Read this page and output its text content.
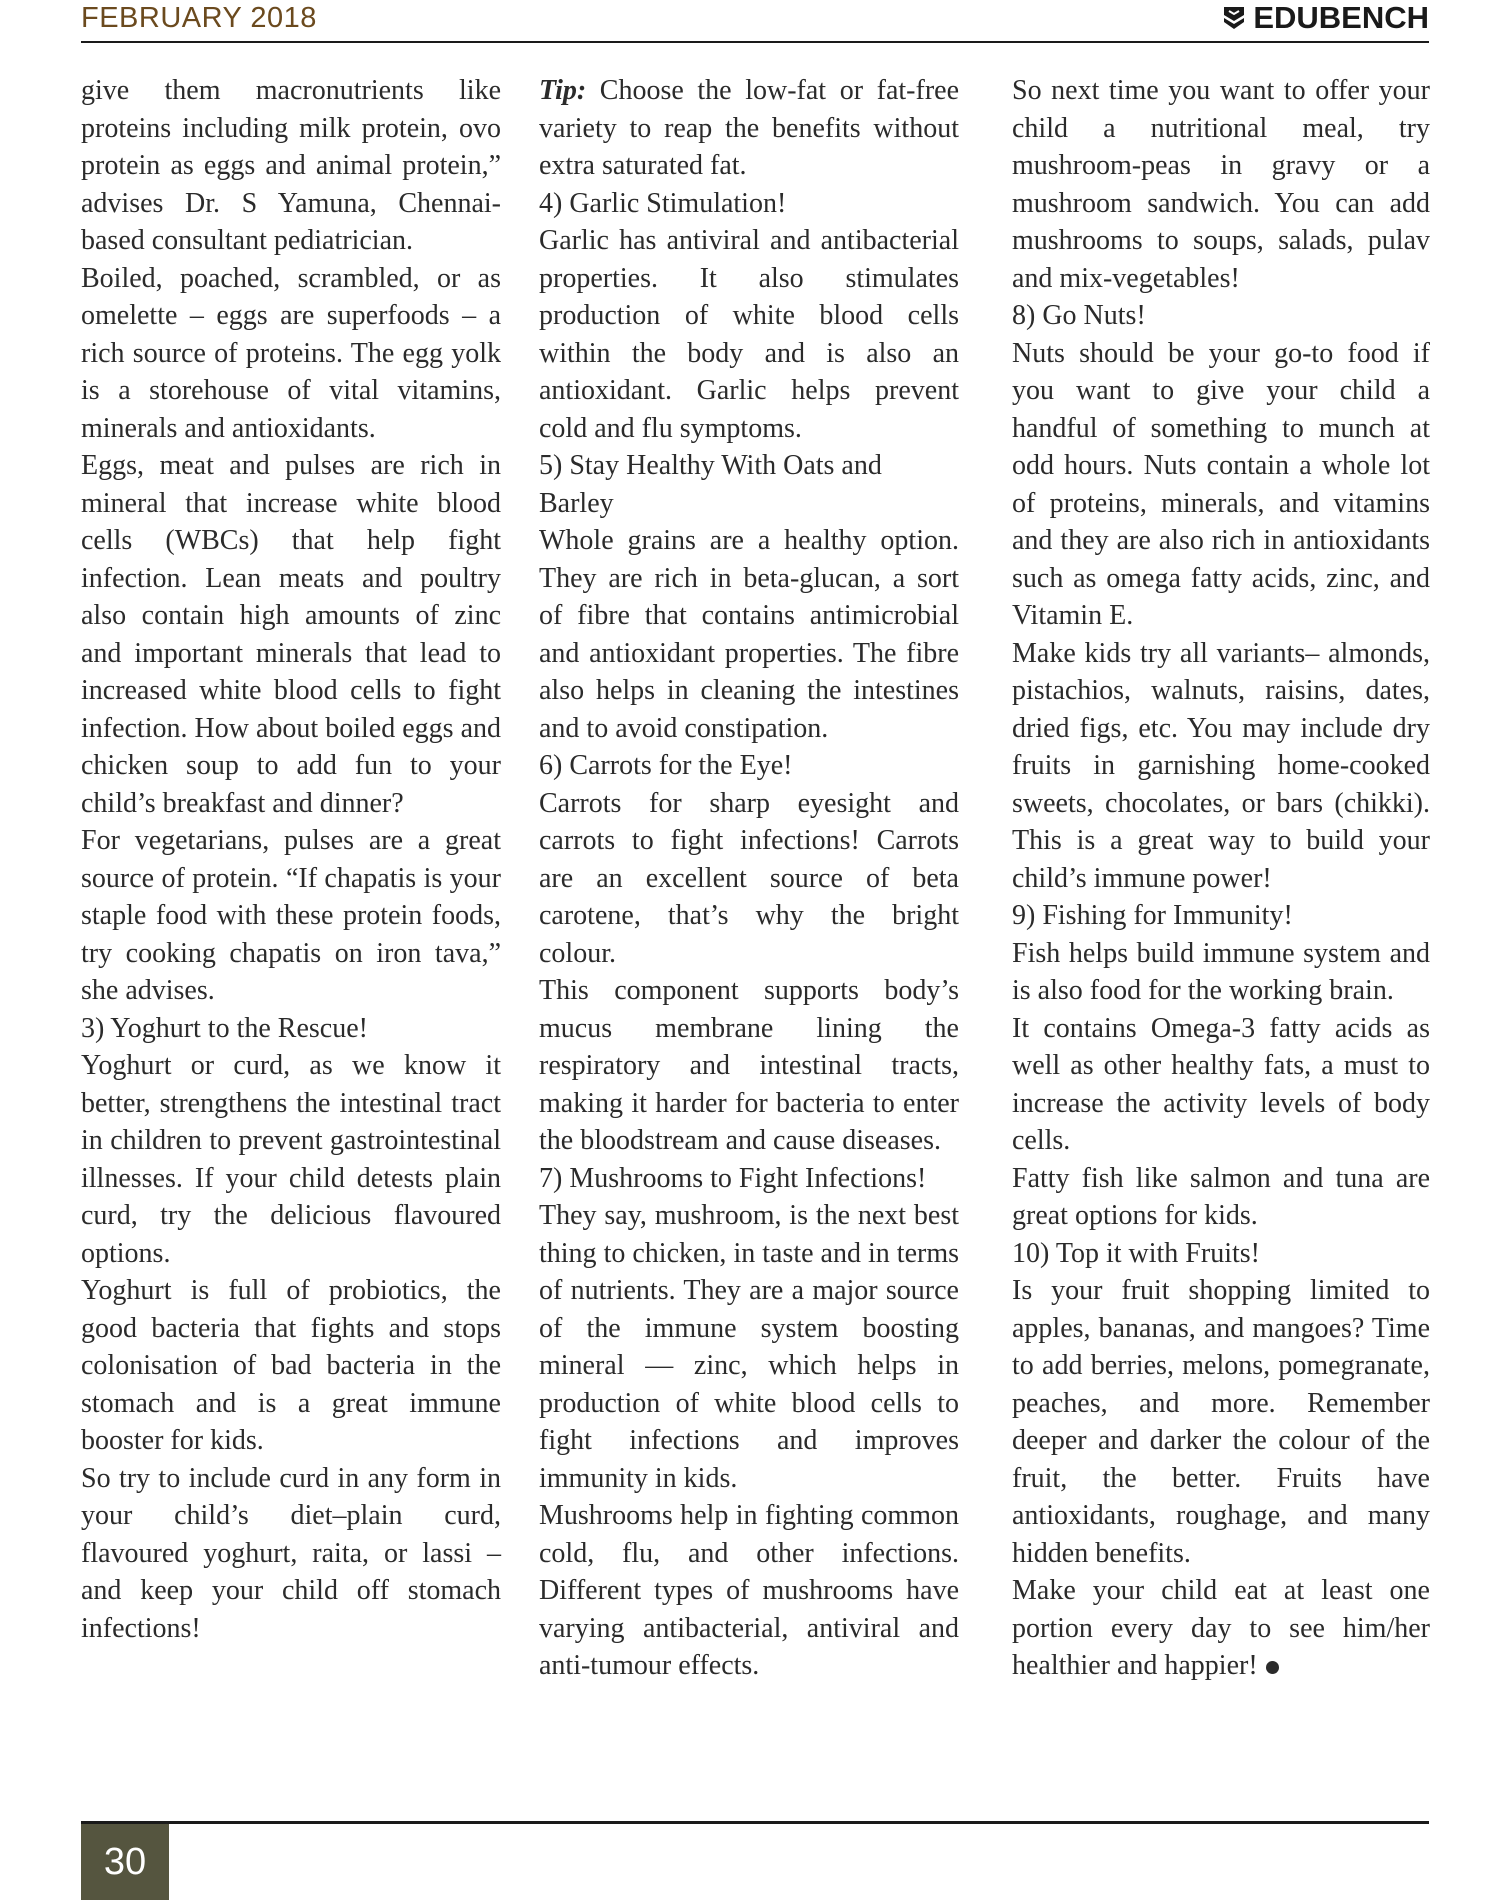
FEBRUARY 2018	EDUBENCH

give them macronutrients like proteins including milk protein, ovo protein as eggs and animal protein,” advises Dr. S Yamuna, Chennai-based consultant pediatrician.

Boiled, poached, scrambled, or as omelette – eggs are superfoods – a rich source of proteins. The egg yolk is a storehouse of vital vitamins, minerals and antioxidants.

Eggs, meat and pulses are rich in mineral that increase white blood cells (WBCs) that help fight infection. Lean meats and poultry also contain high amounts of zinc and important minerals that lead to increased white blood cells to fight infection. How about boiled eggs and chicken soup to add fun to your child’s breakfast and dinner?

For vegetarians, pulses are a great source of protein. “If chapatis is your staple food with these protein foods, try cooking chapatis on iron tava,” she advises.

3) Yoghurt to the Rescue!

Yoghurt or curd, as we know it better, strengthens the intestinal tract in children to prevent gastrointestinal illnesses. If your child detests plain curd, try the delicious flavoured options.

Yoghurt is full of probiotics, the good bacteria that fights and stops colonisation of bad bacteria in the stomach and is a great immune booster for kids.

So try to include curd in any form in your child’s diet–plain curd, flavoured yoghurt, raita, or lassi – and keep your child off stomach infections!

Tip: Choose the low-fat or fat-free variety to reap the benefits without extra saturated fat.

4) Garlic Stimulation!

Garlic has antiviral and antibacterial properties. It also stimulates production of white blood cells within the body and is also an antioxidant. Garlic helps prevent cold and flu symptoms.

5) Stay Healthy With Oats and Barley

Whole grains are a healthy option. They are rich in beta-glucan, a sort of fibre that contains antimicrobial and antioxidant properties. The fibre also helps in cleaning the intestines and to avoid constipation.

6) Carrots for the Eye!

Carrots for sharp eyesight and carrots to fight infections! Carrots are an excellent source of beta carotene, that’s why the bright colour.

This component supports body’s mucus membrane lining the respiratory and intestinal tracts, making it harder for bacteria to enter the bloodstream and cause diseases.

7) Mushrooms to Fight Infections!

They say, mushroom, is the next best thing to chicken, in taste and in terms of nutrients. They are a major source of the immune system boosting mineral — zinc, which helps in production of white blood cells to fight infections and improves immunity in kids.

Mushrooms help in fighting common cold, flu, and other infections. Different types of mushrooms have varying antibacterial, antiviral and anti-tumour effects.

So next time you want to offer your child a nutritional meal, try mushroom-peas in gravy or a mushroom sandwich. You can add mushrooms to soups, salads, pulav and mix-vegetables!

8) Go Nuts!

Nuts should be your go-to food if you want to give your child a handful of something to munch at odd hours. Nuts contain a whole lot of proteins, minerals, and vitamins and they are also rich in antioxidants such as omega fatty acids, zinc, and Vitamin E.

Make kids try all variants– almonds, pistachios, walnuts, raisins, dates, dried figs, etc. You may include dry fruits in garnishing home-cooked sweets, chocolates, or bars (chikki). This is a great way to build your child’s immune power!

9) Fishing for Immunity!

Fish helps build immune system and is also food for the working brain.

It contains Omega-3 fatty acids as well as other healthy fats, a must to increase the activity levels of body cells.

Fatty fish like salmon and tuna are great options for kids.

10) Top it with Fruits!

Is your fruit shopping limited to apples, bananas, and mangoes? Time to add berries, melons, pomegranate, peaches, and more. Remember deeper and darker the colour of the fruit, the better. Fruits have antioxidants, roughage, and many hidden benefits.

Make your child eat at least one portion every day to see him/her healthier and happier!

30
